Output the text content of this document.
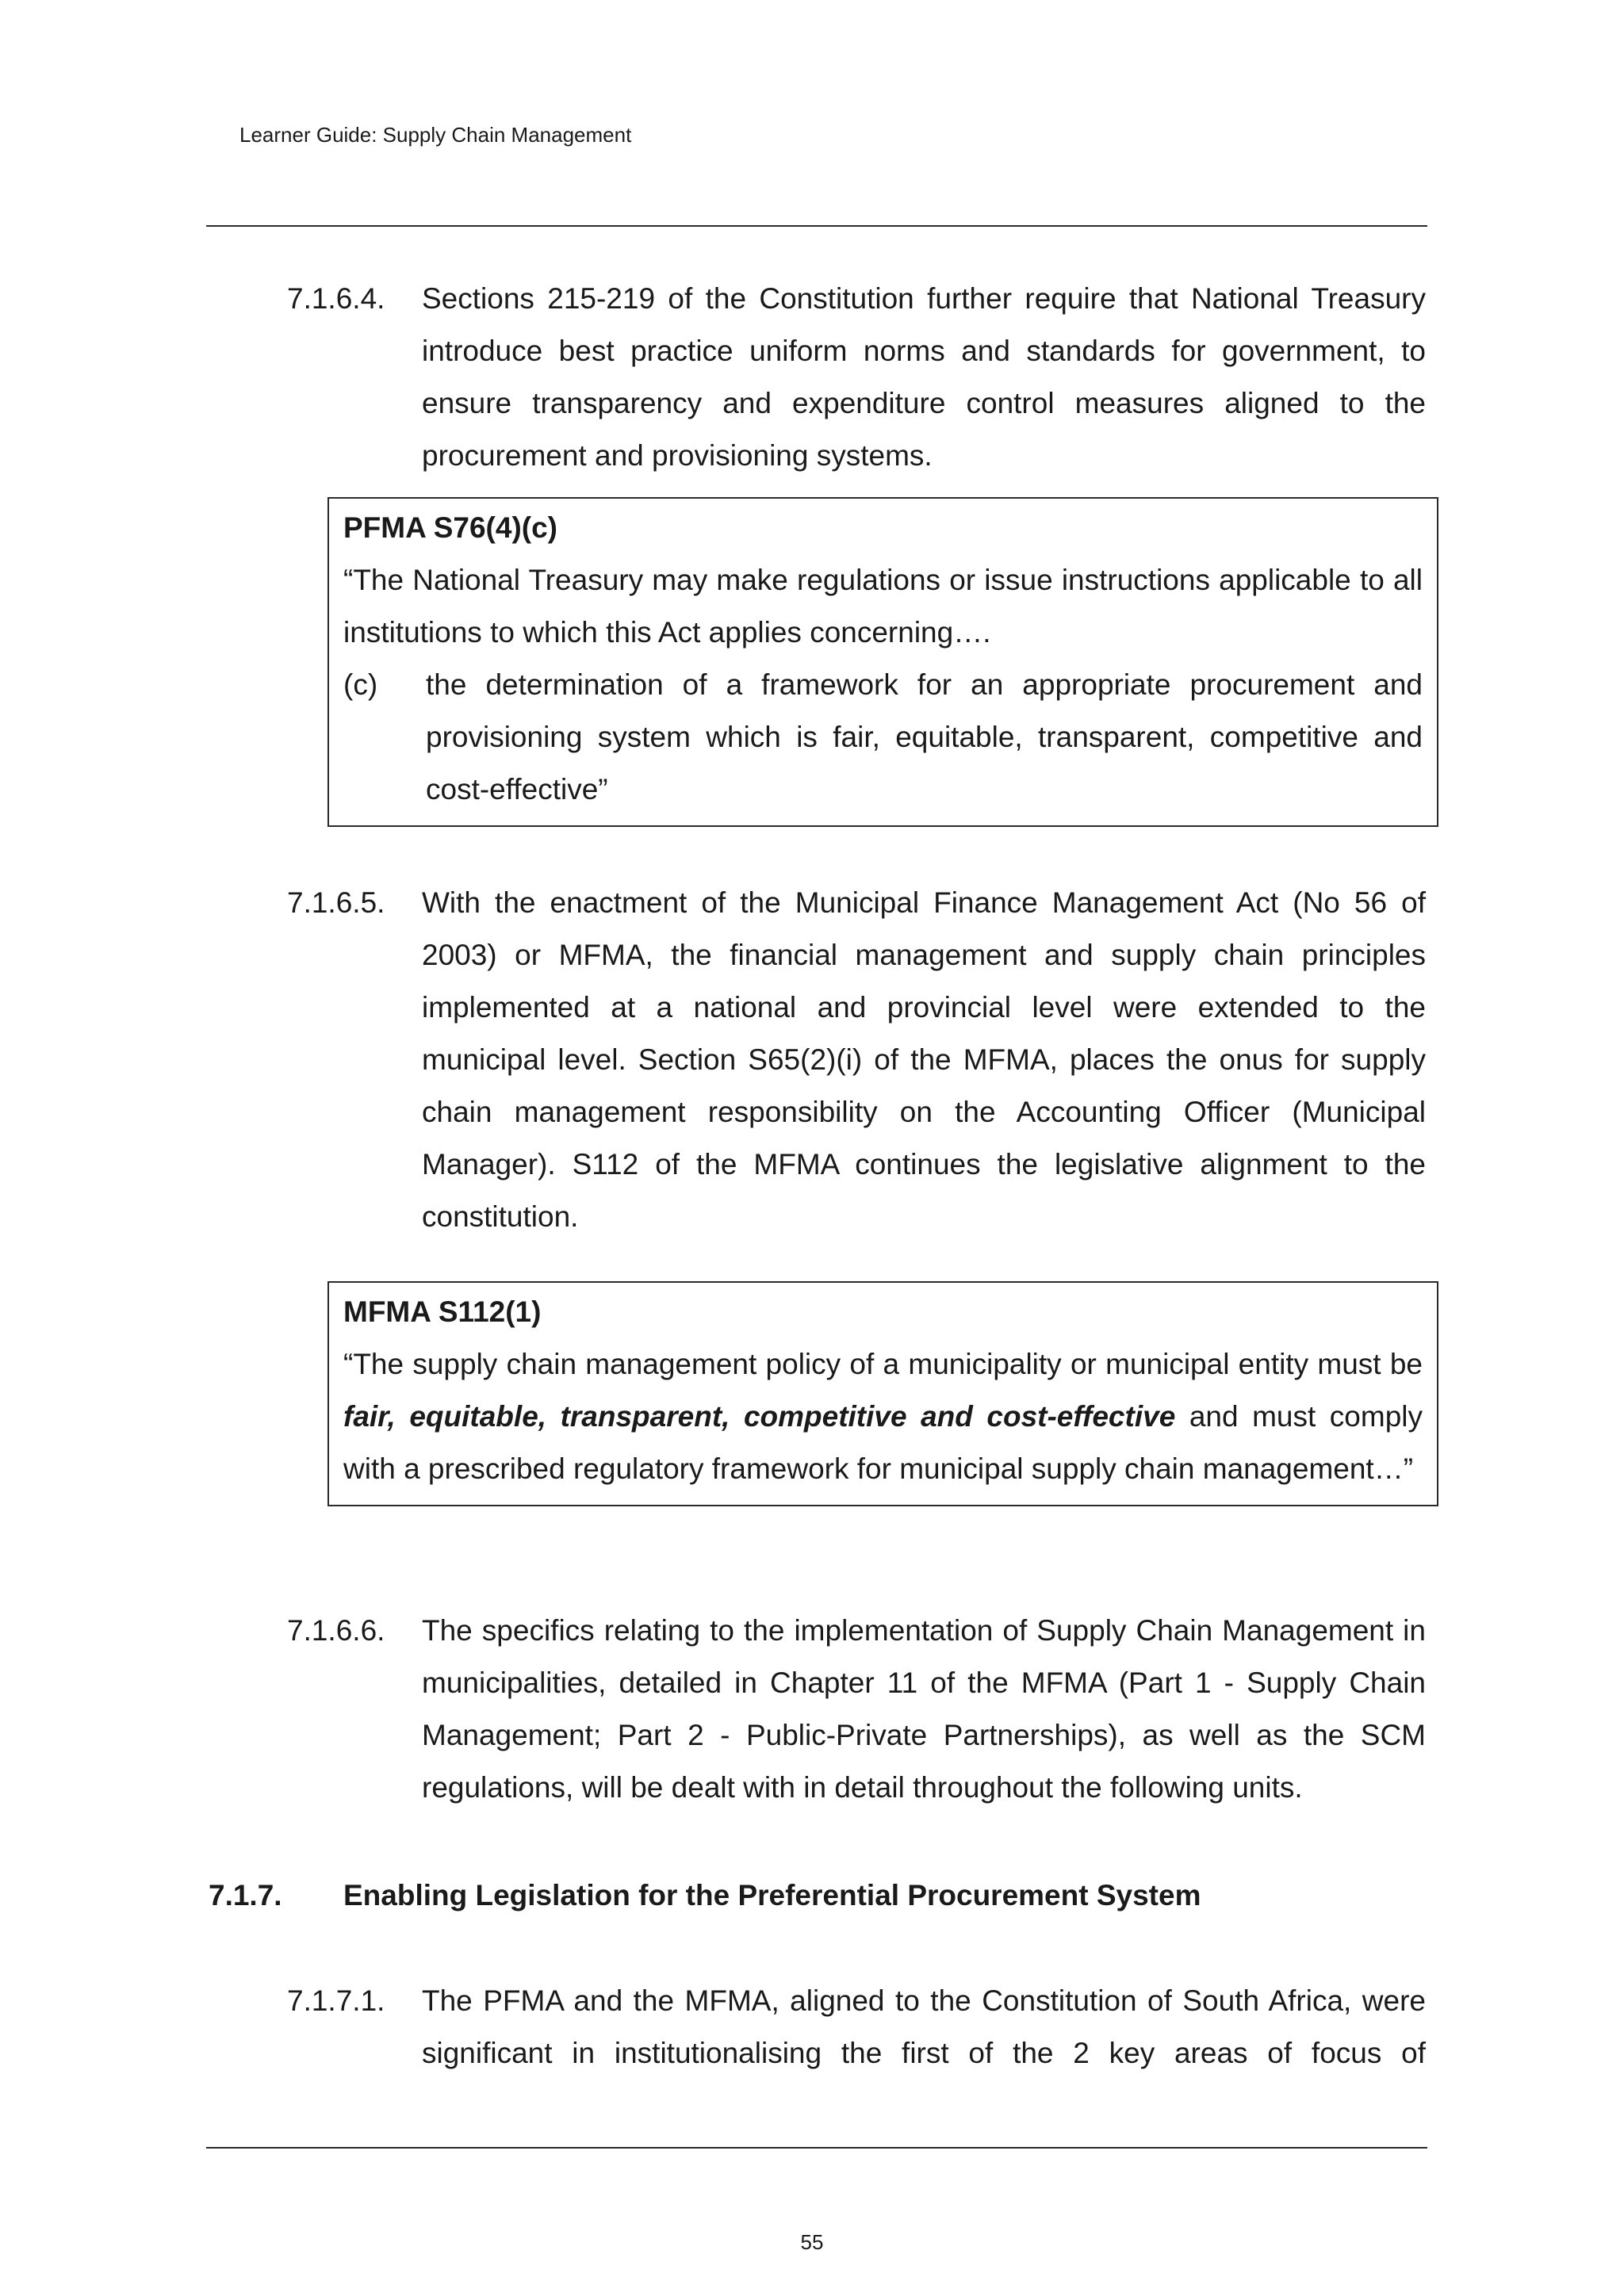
Learner Guide: Supply Chain Management
7.1.6.4. Sections 215-219 of the Constitution further require that National Treasury introduce best practice uniform norms and standards for government, to ensure transparency and expenditure control measures aligned to the procurement and provisioning systems.
PFMA S76(4)(c)
“The National Treasury may make regulations or issue instructions applicable to all institutions to which this Act applies concerning….
(c) the determination of a framework for an appropriate procurement and provisioning system which is fair, equitable, transparent, competitive and cost-effective”
7.1.6.5. With the enactment of the Municipal Finance Management Act (No 56 of 2003) or MFMA, the financial management and supply chain principles implemented at a national and provincial level were extended to the municipal level. Section S65(2)(i) of the MFMA, places the onus for supply chain management responsibility on the Accounting Officer (Municipal Manager). S112 of the MFMA continues the legislative alignment to the constitution.
MFMA S112(1)
“The supply chain management policy of a municipality or municipal entity must be fair, equitable, transparent, competitive and cost-effective and must comply with a prescribed regulatory framework for municipal supply chain management…”
7.1.6.6. The specifics relating to the implementation of Supply Chain Management in municipalities, detailed in Chapter 11 of the MFMA (Part 1 - Supply Chain Management; Part 2 - Public-Private Partnerships), as well as the SCM regulations, will be dealt with in detail throughout the following units.
7.1.7. Enabling Legislation for the Preferential Procurement System
7.1.7.1. The PFMA and the MFMA, aligned to the Constitution of South Africa, were significant in institutionalising the first of the 2 key areas of focus of
55
